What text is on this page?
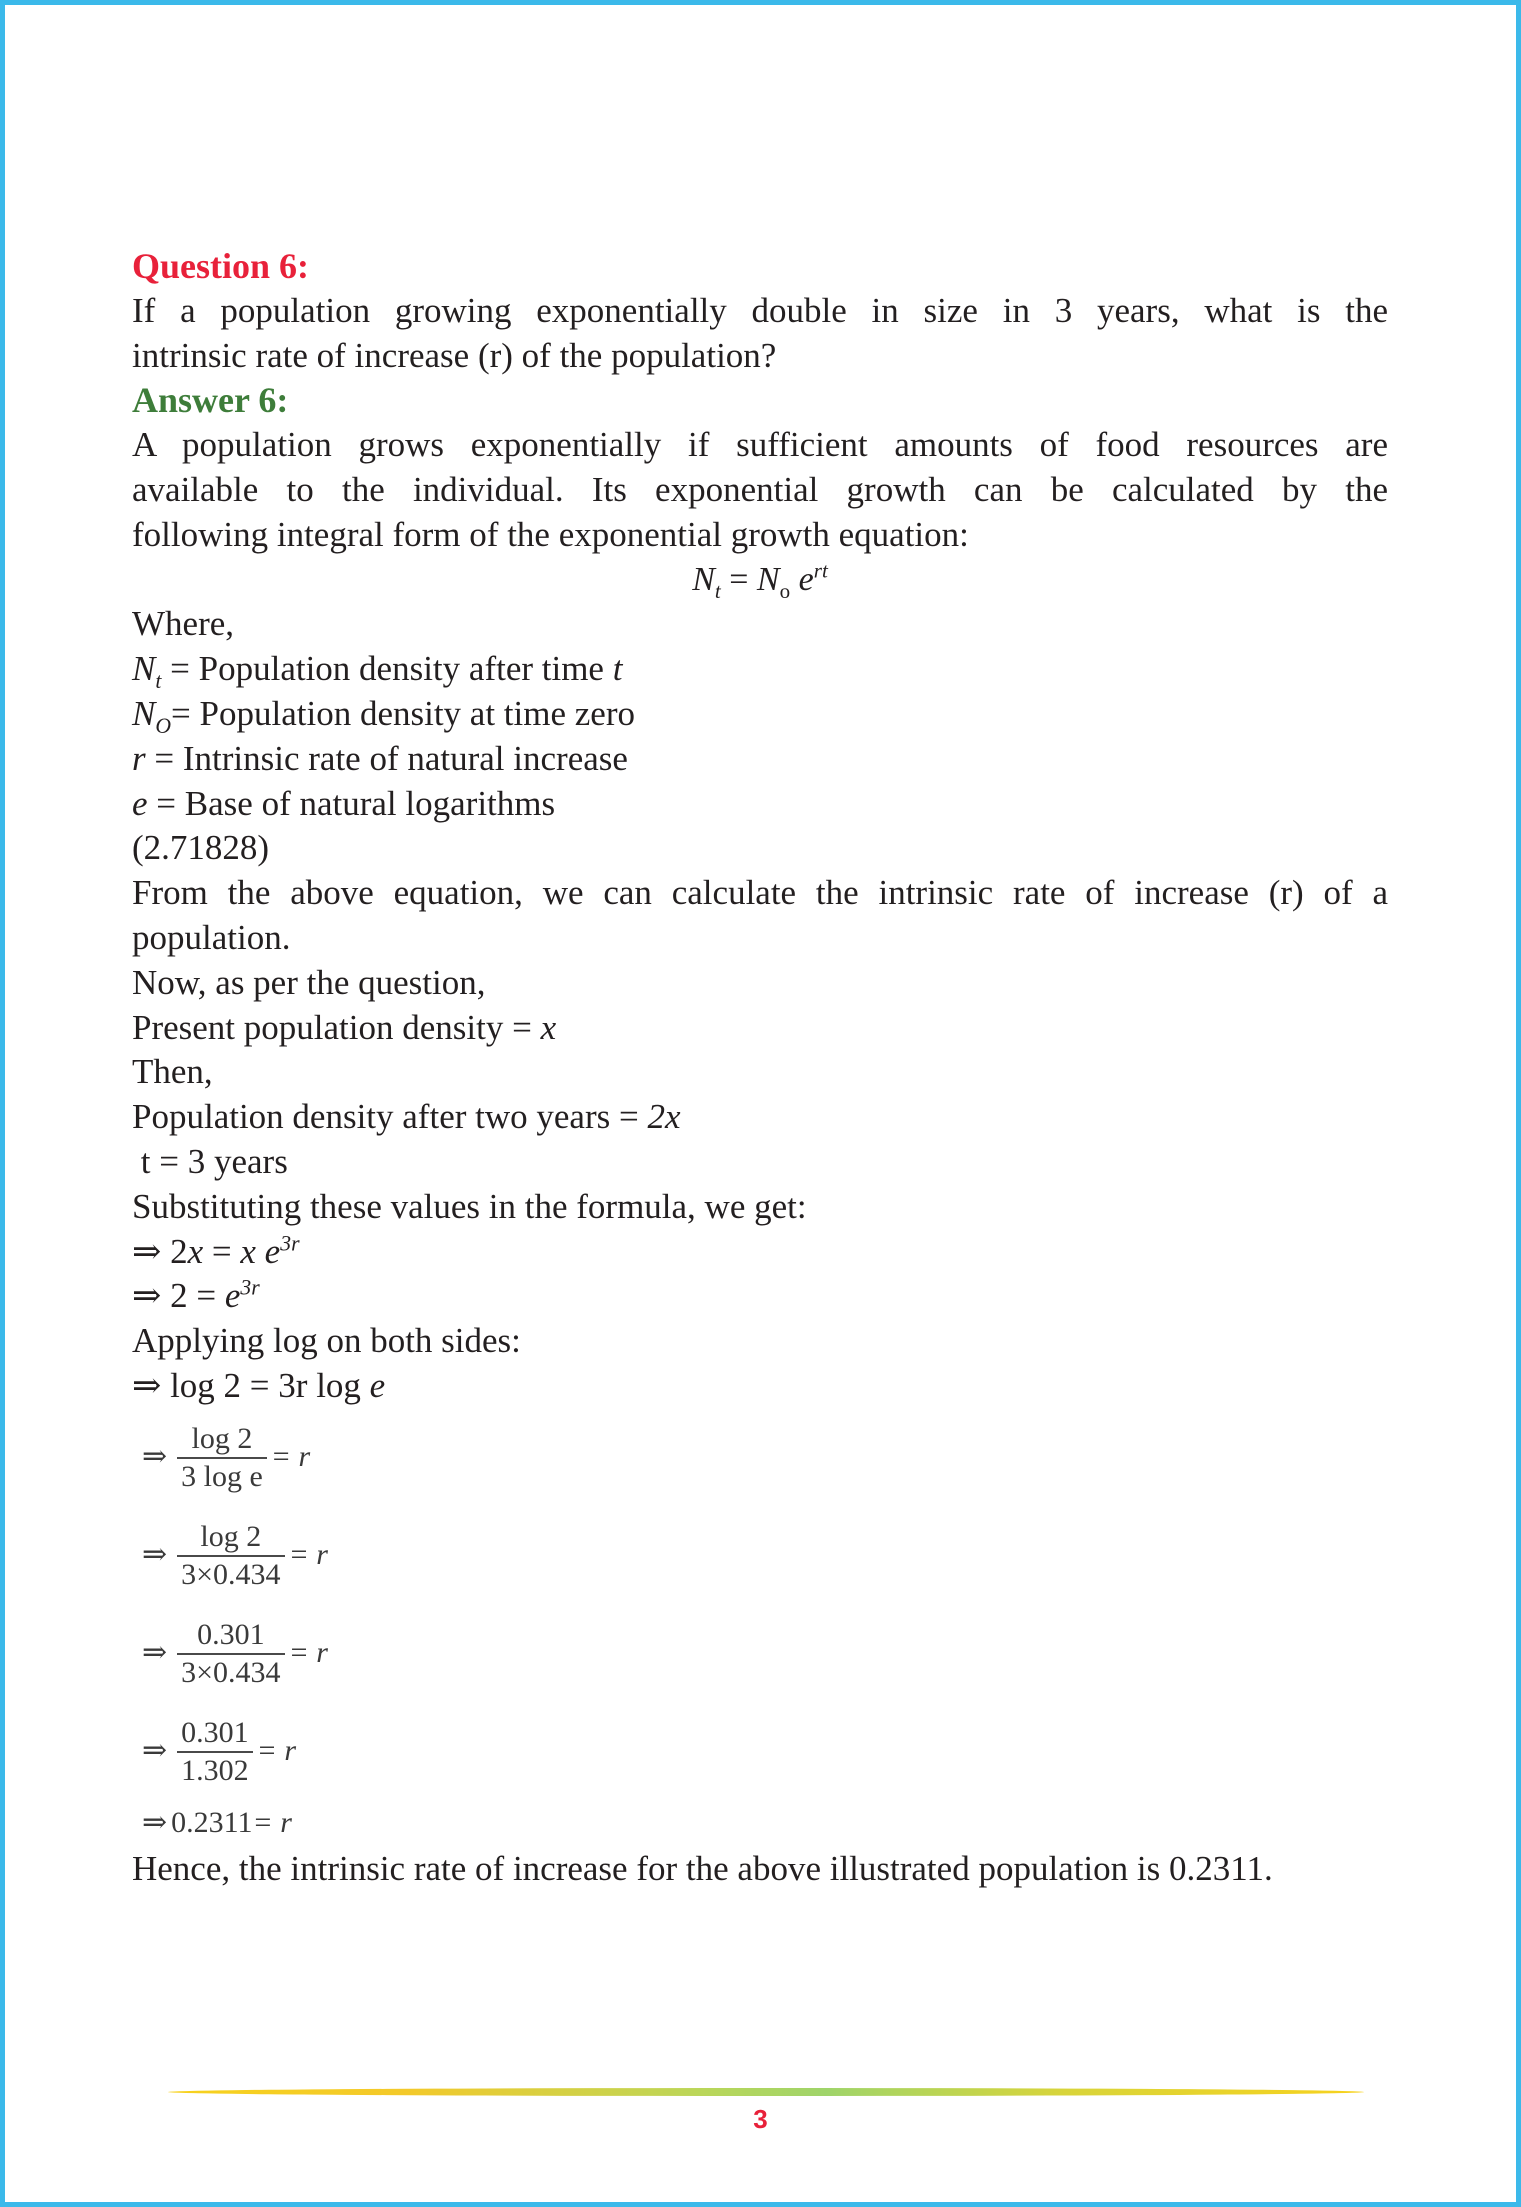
Question 6:
If a population growing exponentially double in size in 3 years, what is the
intrinsic rate of increase (r) of the population?
Answer 6:
A population grows exponentially if sufficient amounts of food resources are
available to the individual. Its exponential growth can be calculated by the
following integral form of the exponential growth equation:
$N_t = N_o$ $e^{rt}$
Where,
$N_t$ = Population density after time t
$N_O=$ Population density at time zero
r = Intrinsic rate of natural increase
e = Base of natural logarithms
(2.71828)
From the above equation, we can calculate the intrinsic rate of increase (r) of a
population.
Now, as per the question,
Present population density = x
Then,
Population density after two years = 2x
t = 3 years
Substituting these values in the formula, we get:
⇒ 2x = x $e^{3r}$
⇒ $2 = e^{3r}$
Applying log on both sides:
⇒ log 2 = 3r log e
⇒ $\frac{\log 2}{\text{3 log e}} = r$
⇒ $\frac{\log 2}{3\times 0.434} = r$
⇒ $\frac{0.301}{3\times 0.434} = r$
⇒ $\frac{0.301}{1.302} = r$
⇒ 0.2311 = r
Hence, the intrinsic rate of increase for the above illustrated population is 0.2311.
3
